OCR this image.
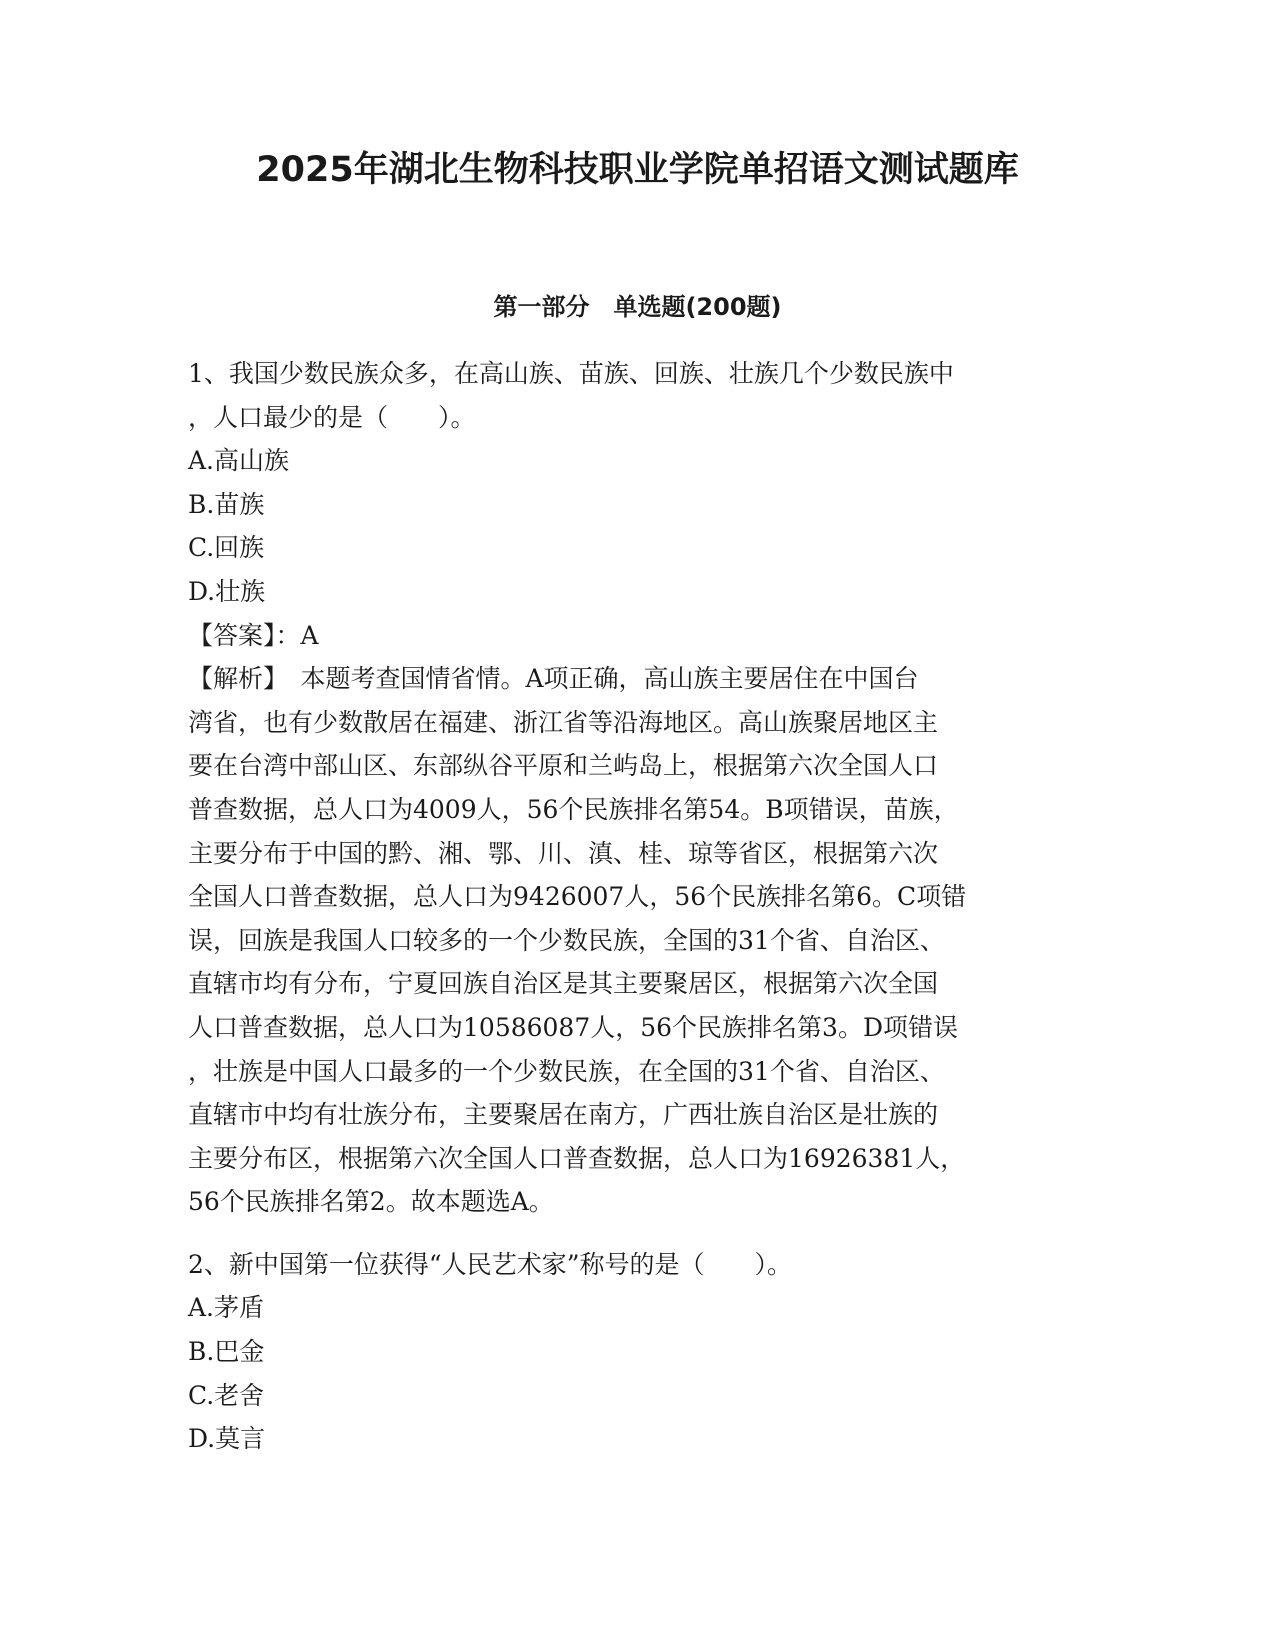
2025年湖北生物科技职业学院单招语文测试题库
第一部分　单选题(200题)

1、我国少数民族众多，在高山族、苗族、回族、壮族几个少数民族中

，人口最少的是（　　）。

A.高山族

B.苗族

C.回族

D.壮族

【答案】：A

【解析】　本题考查国情省情。A项正确，高山族主要居住在中国台

湾省，也有少数散居在福建、浙江省等沿海地区。高山族聚居地区主

要在台湾中部山区、东部纵谷平原和兰屿岛上，根据第六次全国人口

普查数据，总人口为4009人，56个民族排名第54。B项错误，苗族，

主要分布于中国的黔、湘、鄂、川、滇、桂、琼等省区，根据第六次

全国人口普查数据，总人口为9426007人，56个民族排名第6。C项错

误，回族是我国人口较多的一个少数民族，全国的31个省、自治区、

直辖市均有分布，宁夏回族自治区是其主要聚居区，根据第六次全国

人口普查数据，总人口为10586087人，56个民族排名第3。D项错误

，壮族是中国人口最多的一个少数民族，在全国的31个省、自治区、

直辖市中均有壮族分布，主要聚居在南方，广西壮族自治区是壮族的

主要分布区，根据第六次全国人口普查数据，总人口为16926381人，

56个民族排名第2。故本题选A。

2、新中国第一位获得“人民艺术家”称号的是（　　）。

A.茅盾

B.巴金

C.老舍

D.莫言
